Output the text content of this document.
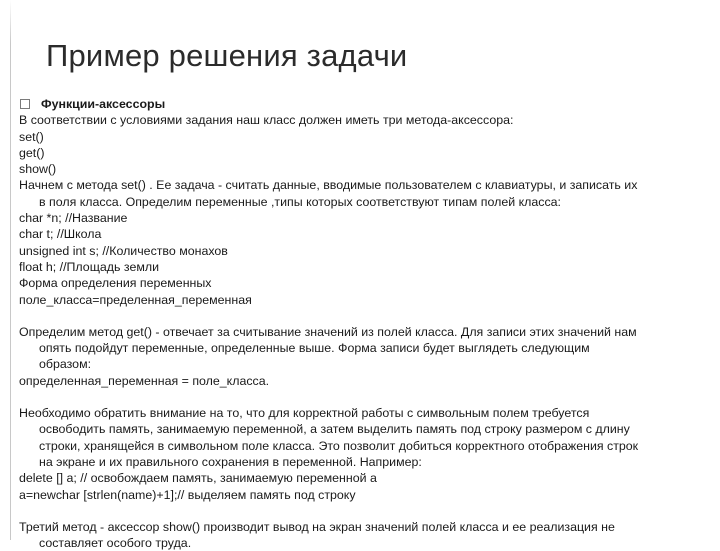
Пример решения задачи

Функции-аксессоры

В соответствии с условиями задания наш класс должен иметь три метода-аксессора:

set()

get()

show()

Начнем с метода set() . Ее задача - считать данные, вводимые пользователем с клавиатуры, и записать их

в поля класса. Определим переменные ,типы которых соответствуют типам полей класса:

char *n; //Название

char t; //Школа

unsigned int s; //Количество монахов

float h; //Площадь земли

Форма определения переменных

поле_класса=пределенная_переменная

Определим метод get() - отвечает за считывание значений из полей класса. Для записи этих значений нам

опять подойдут переменные, определенные выше. Форма записи будет выглядеть следующим

образом:

определенная_переменная = поле_класса.

Необходимо обратить внимание на то, что для корректной работы с символьным полем требуется

освободить память, занимаемую переменной, а затем выделить память под строку размером с длину

строки, хранящейся в символьном поле класса. Это позволит добиться корректного отображения строк

на экране и их правильного сохранения в переменной. Например:

delete [] a; // освобождаем память, занимаемую переменной а

a=newchar [strlen(name)+1];// выделяем память под строку

Третий метод - аксессор show() производит вывод на экран значений полей класса и ее реализация не

составляет особого труда.
